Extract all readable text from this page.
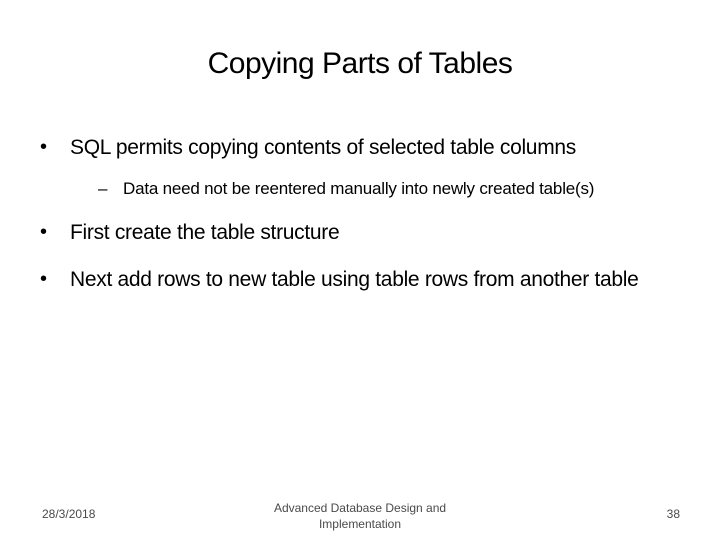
Copying Parts of Tables
• SQL permits copying contents of selected table columns
– Data need not be reentered manually into newly created table(s)
• First create the table structure
• Next add rows to new table using table rows from another table
28/3/2018	Advanced Database Design and Implementation
38
